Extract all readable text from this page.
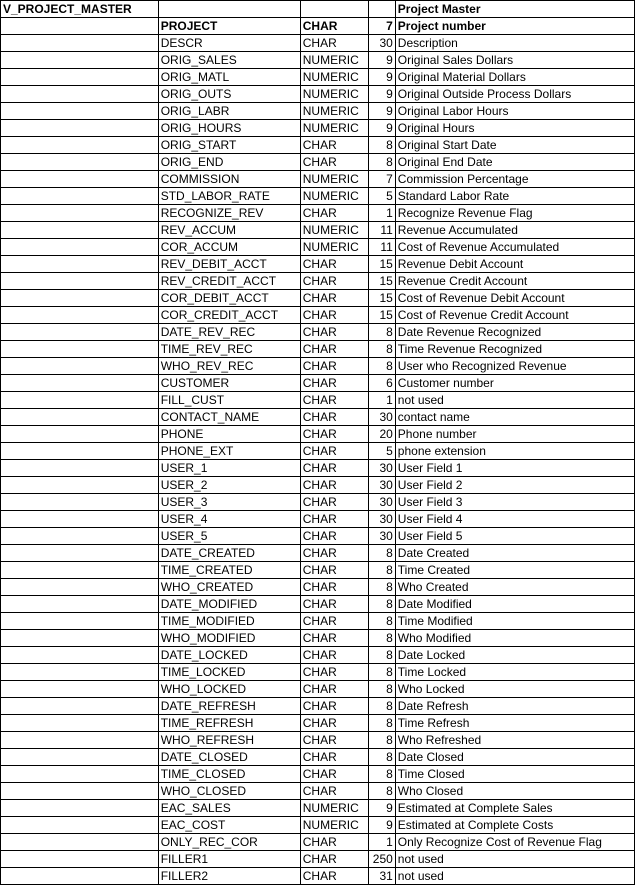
V_PROJECT_MASTER				Project Master
	PROJECT	CHAR	7	Project number
	DESCR	CHAR	30	Description
	ORIG_SALES	NUMERIC	9	Original Sales Dollars
	ORIG_MATL	NUMERIC	9	Original Material Dollars
	ORIG_OUTS	NUMERIC	9	Original Outside Process Dollars
	ORIG_LABR	NUMERIC	9	Original Labor Hours
	ORIG_HOURS	NUMERIC	9	Original Hours
	ORIG_START	CHAR	8	Original Start Date
	ORIG_END	CHAR	8	Original End Date
	COMMISSION	NUMERIC	7	Commission Percentage
	STD_LABOR_RATE	NUMERIC	5	Standard Labor Rate
	RECOGNIZE_REV	CHAR	1	Recognize Revenue Flag
	REV_ACCUM	NUMERIC	11	Revenue Accumulated
	COR_ACCUM	NUMERIC	11	Cost of Revenue Accumulated
	REV_DEBIT_ACCT	CHAR	15	Revenue Debit Account
	REV_CREDIT_ACCT	CHAR	15	Revenue Credit Account
	COR_DEBIT_ACCT	CHAR	15	Cost of Revenue Debit Account
	COR_CREDIT_ACCT	CHAR	15	Cost of Revenue Credit Account
	DATE_REV_REC	CHAR	8	Date Revenue Recognized
	TIME_REV_REC	CHAR	8	Time Revenue Recognized
	WHO_REV_REC	CHAR	8	User who Recognized Revenue
	CUSTOMER	CHAR	6	Customer number
	FILL_CUST	CHAR	1	not used
	CONTACT_NAME	CHAR	30	contact name
	PHONE	CHAR	20	Phone number
	PHONE_EXT	CHAR	5	phone extension
	USER_1	CHAR	30	User Field 1
	USER_2	CHAR	30	User Field 2
	USER_3	CHAR	30	User Field 3
	USER_4	CHAR	30	User Field 4
	USER_5	CHAR	30	User Field 5
	DATE_CREATED	CHAR	8	Date Created
	TIME_CREATED	CHAR	8	Time Created
	WHO_CREATED	CHAR	8	Who Created
	DATE_MODIFIED	CHAR	8	Date Modified
	TIME_MODIFIED	CHAR	8	Time Modified
	WHO_MODIFIED	CHAR	8	Who Modified
	DATE_LOCKED	CHAR	8	Date Locked
	TIME_LOCKED	CHAR	8	Time Locked
	WHO_LOCKED	CHAR	8	Who Locked
	DATE_REFRESH	CHAR	8	Date Refresh
	TIME_REFRESH	CHAR	8	Time Refresh
	WHO_REFRESH	CHAR	8	Who Refreshed
	DATE_CLOSED	CHAR	8	Date Closed
	TIME_CLOSED	CHAR	8	Time Closed
	WHO_CLOSED	CHAR	8	Who Closed
	EAC_SALES	NUMERIC	9	Estimated at Complete Sales
	EAC_COST	NUMERIC	9	Estimated at Complete Costs
	ONLY_REC_COR	CHAR	1	Only Recognize Cost of Revenue Flag
	FILLER1	CHAR	250	not used
	FILLER2	CHAR	31	not used
